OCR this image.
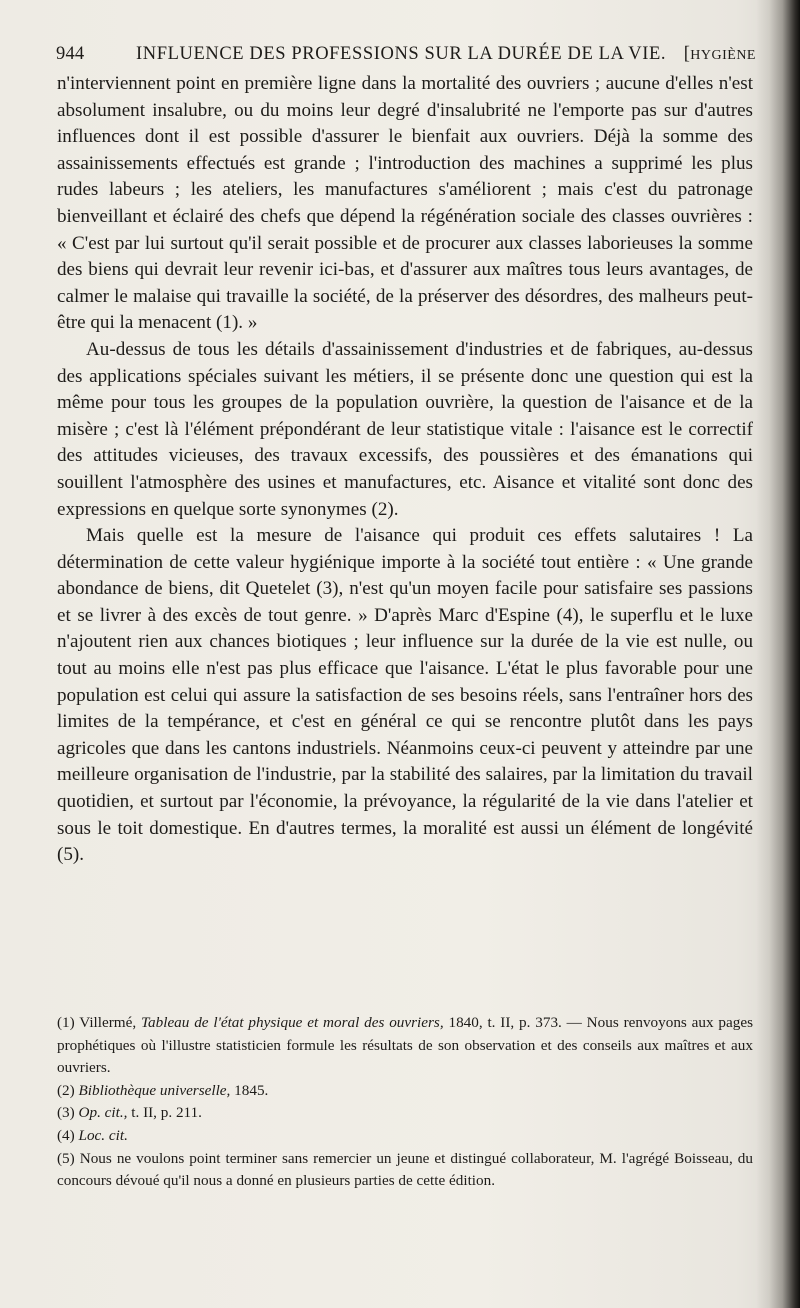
944	INFLUENCE DES PROFESSIONS SUR LA DURÉE DE LA VIE. [HYGIÈNE

n'interviennent point en première ligne dans la mortalité des ouvriers ; aucune d'elles n'est absolument insalubre, ou du moins leur degré d'insalubrité ne l'emporte pas sur d'autres influences dont il est possible d'assurer le bienfait aux ouvriers. Déjà la somme des assainissements effectués est grande ; l'introduction des machines a supprimé les plus rudes labeurs ; les ateliers, les manufactures s'améliorent ; mais c'est du patronage bienveillant et éclairé des chefs que dépend la régénération sociale des classes ouvrières : « C'est par lui surtout qu'il serait possible et de procurer aux classes laborieuses la somme des biens qui devrait leur revenir ici-bas, et d'assurer aux maîtres tous leurs avantages, de calmer le malaise qui travaille la société, de la préserver des désordres, des malheurs peut-être qui la menacent (1). »

Au-dessus de tous les détails d'assainissement d'industries et de fabriques, au-dessus des applications spéciales suivant les métiers, il se présente donc une question qui est la même pour tous les groupes de la population ouvrière, la question de l'aisance et de la misère ; c'est là l'élément prépondérant de leur statistique vitale : l'aisance est le correctif des attitudes vicieuses, des travaux excessifs, des poussières et des émanations qui souillent l'atmosphère des usines et manufactures, etc. Aisance et vitalité sont donc des expressions en quelque sorte synonymes (2).

Mais quelle est la mesure de l'aisance qui produit ces effets salutaires ! La détermination de cette valeur hygiénique importe à la société tout entière : « Une grande abondance de biens, dit Quetelet (3), n'est qu'un moyen facile pour satisfaire ses passions et se livrer à des excès de tout genre. » D'après Marc d'Espine (4), le superflu et le luxe n'ajoutent rien aux chances biotiques ; leur influence sur la durée de la vie est nulle, ou tout au moins elle n'est pas plus efficace que l'aisance. L'état le plus favorable pour une population est celui qui assure la satisfaction de ses besoins réels, sans l'entraîner hors des limites de la tempérance, et c'est en général ce qui se rencontre plutôt dans les pays agricoles que dans les cantons industriels. Néanmoins ceux-ci peuvent y atteindre par une meilleure organisation de l'industrie, par la stabilité des salaires, par la limitation du travail quotidien, et surtout par l'économie, la prévoyance, la régularité de la vie dans l'atelier et sous le toit domestique. En d'autres termes, la moralité est aussi un élément de longévité (5).

(1) Villermé, Tableau de l'état physique et moral des ouvriers, 1840, t. II, p. 373. — Nous renvoyons aux pages prophétiques où l'illustre statisticien formule les résultats de son observation et des conseils aux maîtres et aux ouvriers.

(2) Bibliothèque universelle, 1845.

(3) Op. cit., t. II, p. 211.

(4) Loc. cit.

(5) Nous ne voulons point terminer sans remercier un jeune et distingué collaborateur, M. l'agrégé Boisseau, du concours dévoué qu'il nous a donné en plusieurs parties de cette édition.
